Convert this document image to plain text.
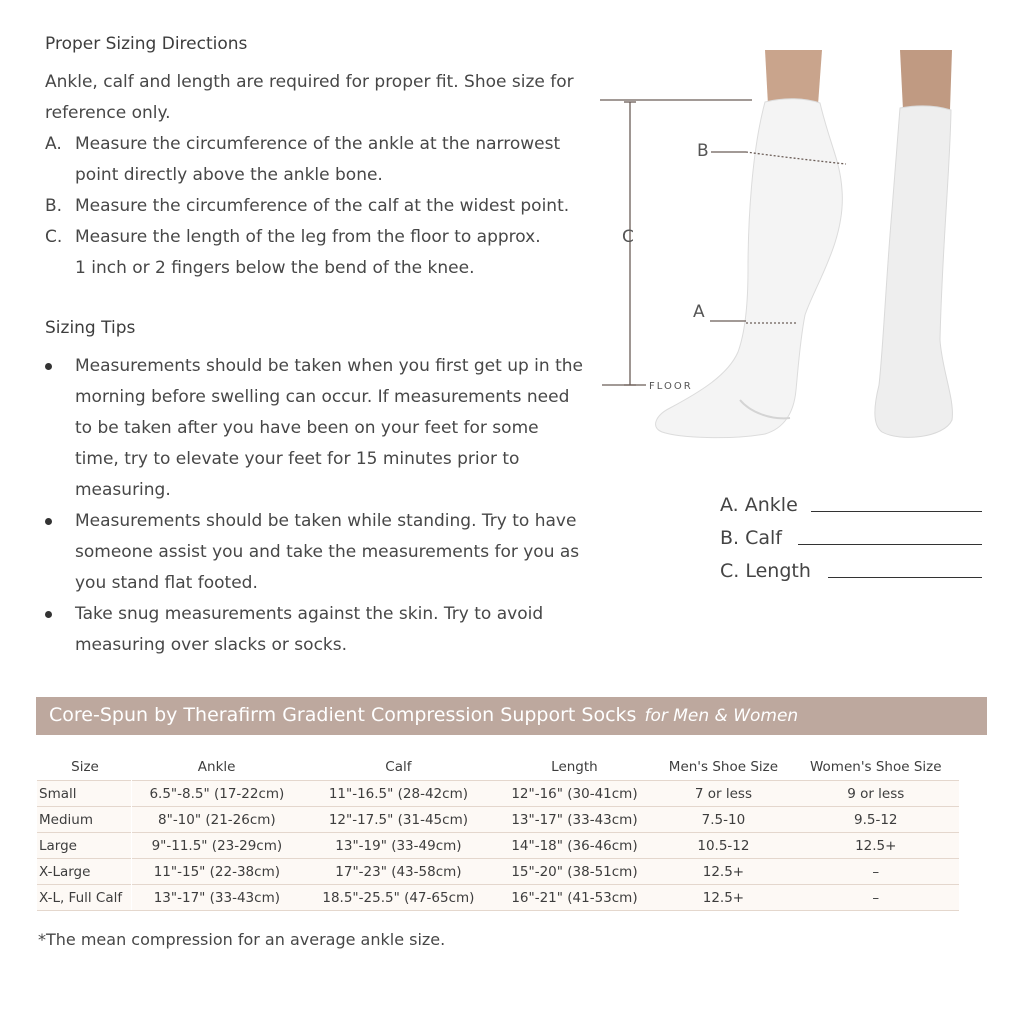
Proper Sizing Directions

Ankle, calf and length are required for proper fit. Shoe size for reference only.

A. Measure the circumference of the ankle at the narrowest point directly above the ankle bone.
B. Measure the circumference of the calf at the widest point.
C. Measure the length of the leg from the floor to approx. 1 inch or 2 fingers below the bend of the knee.
Sizing Tips
Measurements should be taken when you first get up in the morning before swelling can occur. If measurements need to be taken after you have been on your feet for some time, try to elevate your feet for 15 minutes prior to measuring.
Measurements should be taken while standing. Try to have someone assist you and take the measurements for you as you stand flat footed.
Take snug measurements against the skin. Try to avoid measuring over slacks or socks.
C
FLOOR
B
A
A. Ankle
B. Calf
C. Length
Core-Spun by Therafirm Gradient Compression Support Socks for Men & Women
Size	Ankle	Calf	Length	Men's Shoe Size	Women's Shoe Size
Small	6.5"-8.5" (17-22cm)	11"-16.5" (28-42cm)	12"-16" (30-41cm)	7 or less	9 or less
Medium	8"-10" (21-26cm)	12"-17.5" (31-45cm)	13"-17" (33-43cm)	7.5-10	9.5-12
Large	9"-11.5" (23-29cm)	13"-19" (33-49cm)	14"-18" (36-46cm)	10.5-12	12.5+
X-Large	11"-15" (22-38cm)	17"-23" (43-58cm)	15"-20" (38-51cm)	12.5+	–
X-L, Full Calf	13"-17" (33-43cm)	18.5"-25.5" (47-65cm)	16"-21" (41-53cm)	12.5+	–
*The mean compression for an average ankle size.
